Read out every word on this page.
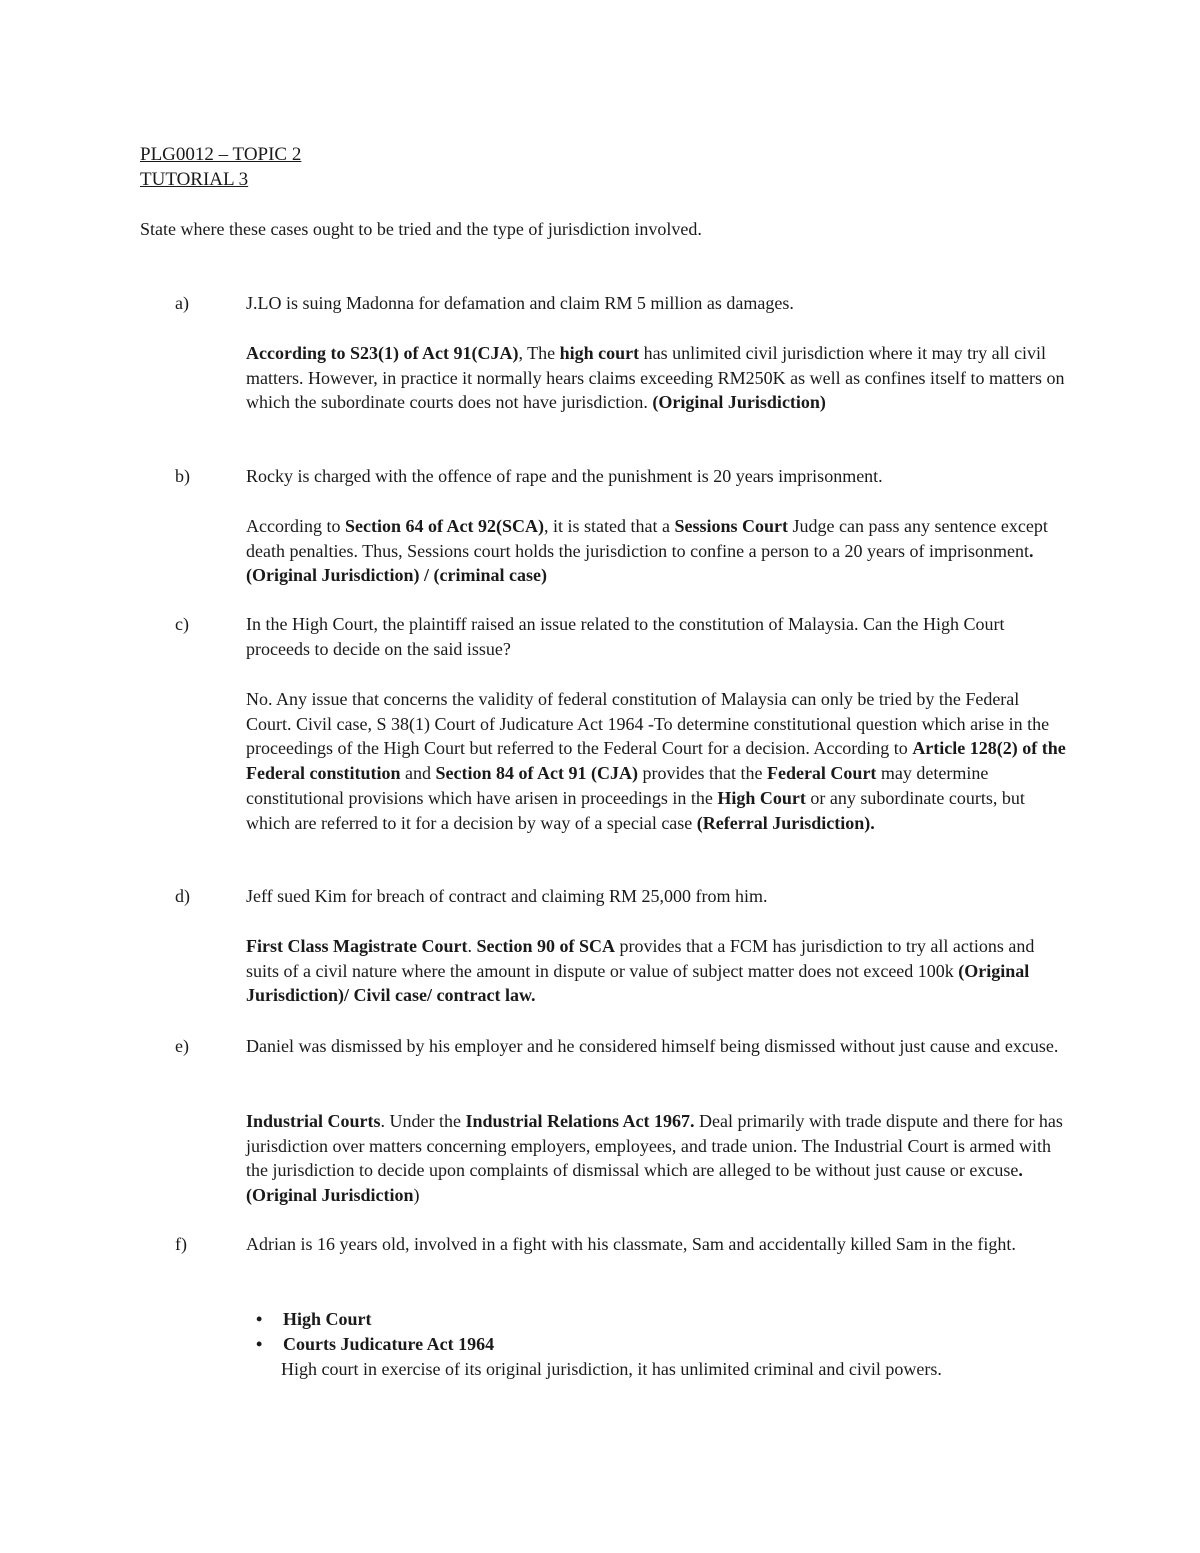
PLG0012 – TOPIC 2

TUTORIAL 3

State where these cases ought to be tried and the type of jurisdiction involved.

a)	J.LO is suing Madonna for defamation and claim RM 5 million as damages.

According to S23(1) of Act 91(CJA), The high court has unlimited civil jurisdiction where it may try all civil matters. However, in practice it normally hears claims exceeding RM250K as well as confines itself to matters on which the subordinate courts does not have jurisdiction. (Original Jurisdiction)

b)	Rocky is charged with the offence of rape and the punishment is 20 years imprisonment.

According to Section 64 of Act 92(SCA), it is stated that a Sessions Court Judge can pass any sentence except death penalties. Thus, Sessions court holds the jurisdiction to confine a person to a 20 years of imprisonment. (Original Jurisdiction) / (criminal case)

c)	In the High Court, the plaintiff raised an issue related to the constitution of Malaysia. Can the High Court proceeds to decide on the said issue?

No. Any issue that concerns the validity of federal constitution of Malaysia can only be tried by the Federal Court. Civil case, S 38(1) Court of Judicature Act 1964 -To determine constitutional question which arise in the proceedings of the High Court but referred to the Federal Court for a decision. According to Article 128(2) of the Federal constitution and Section 84 of Act 91 (CJA) provides that the Federal Court may determine constitutional provisions which have arisen in proceedings in the High Court or any subordinate courts, but which are referred to it for a decision by way of a special case (Referral Jurisdiction).

d)	Jeff sued Kim for breach of contract and claiming RM 25,000 from him.

First Class Magistrate Court. Section 90 of SCA provides that a FCM has jurisdiction to try all actions and suits of a civil nature where the amount in dispute or value of subject matter does not exceed 100k (Original Jurisdiction)/ Civil case/ contract law.

e)	Daniel was dismissed by his employer and he considered himself being dismissed without just cause and excuse.

Industrial Courts. Under the Industrial Relations Act 1967. Deal primarily with trade dispute and there for has jurisdiction over matters concerning employers, employees, and trade union. The Industrial Court is armed with the jurisdiction to decide upon complaints of dismissal which are alleged to be without just cause or excuse. (Original Jurisdiction)

f)	Adrian is 16 years old, involved in a fight with his classmate, Sam and accidentally killed Sam in the fight.

• High Court
• Courts Judicature Act 1964

High court in exercise of its original jurisdiction, it has unlimited criminal and civil powers.
